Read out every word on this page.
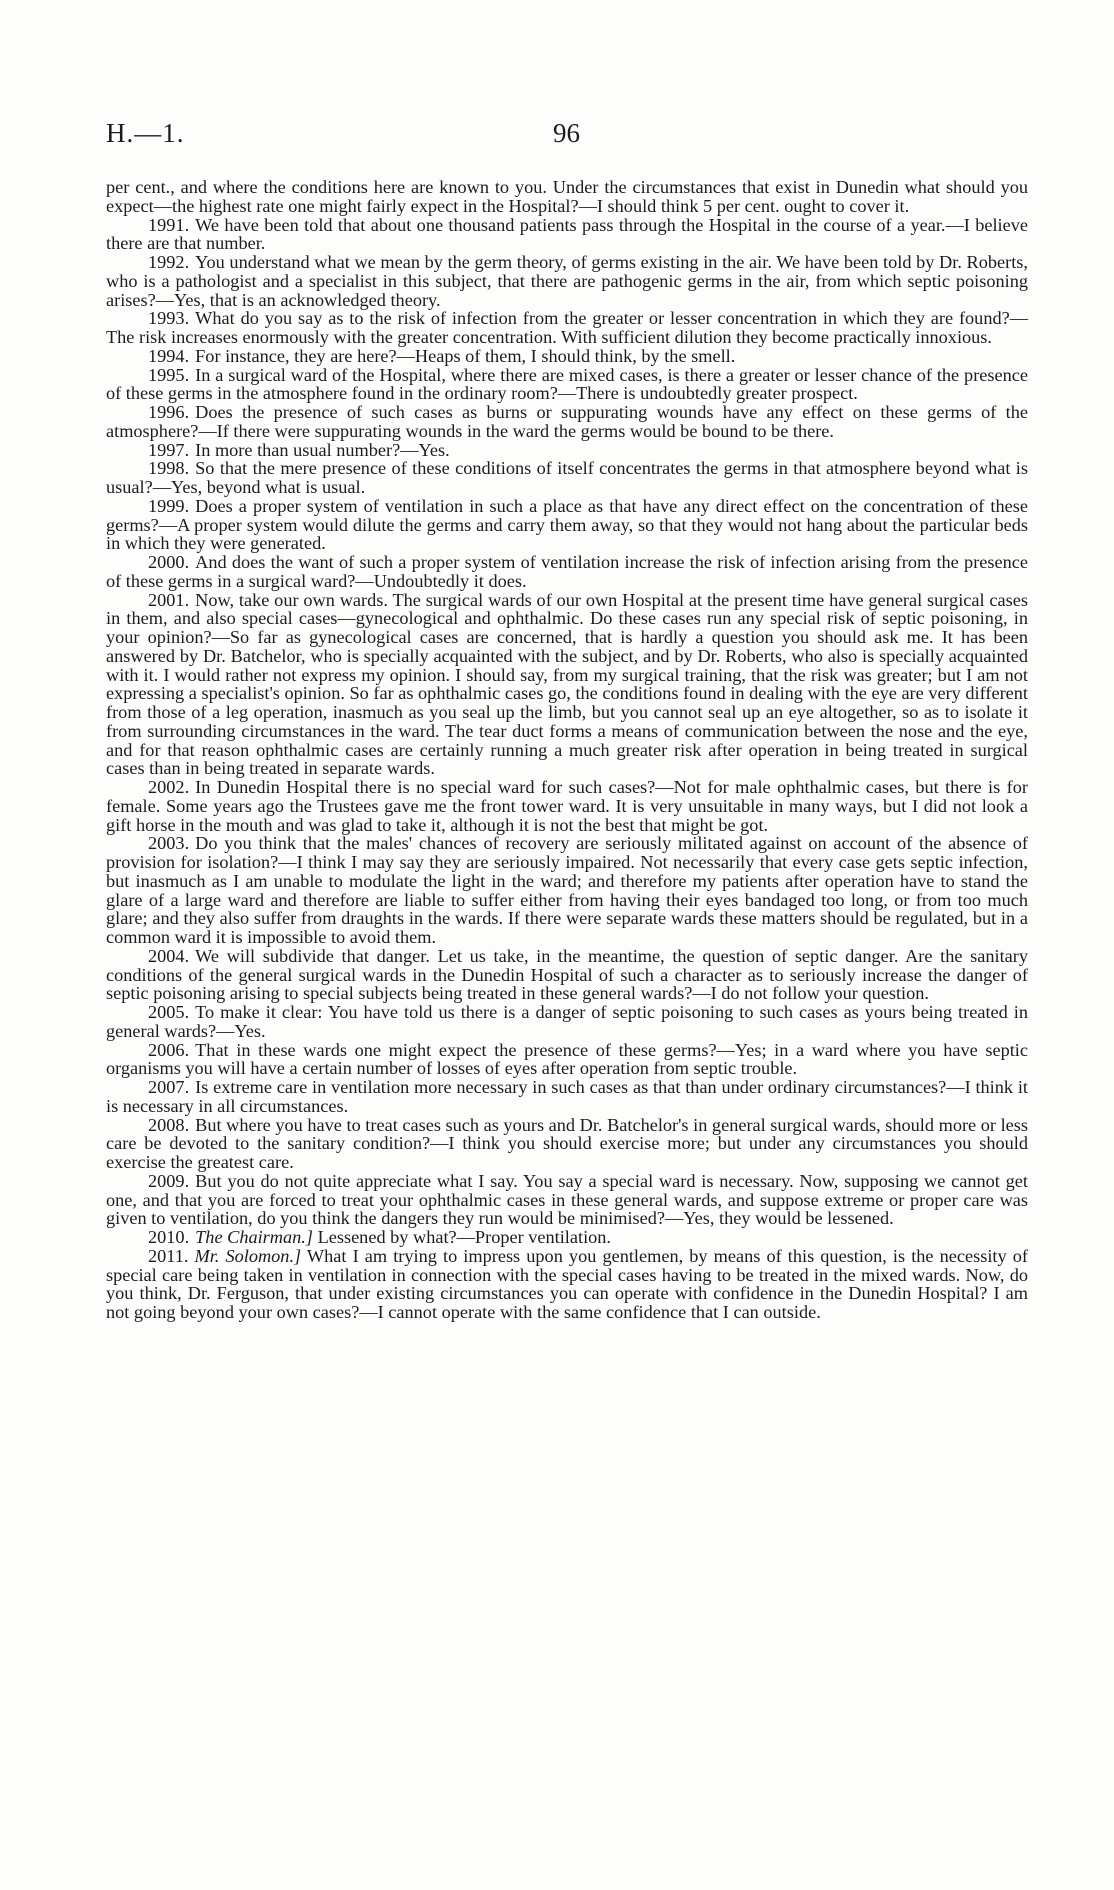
H.—1.	96

per cent., and where the conditions here are known to you. Under the circumstances that exist in Dunedin what should you expect—the highest rate one might fairly expect in the Hospital?—I should think 5 per cent. ought to cover it.

1991. We have been told that about one thousand patients pass through the Hospital in the course of a year.—I believe there are that number.

1992. You understand what we mean by the germ theory, of germs existing in the air. We have been told by Dr. Roberts, who is a pathologist and a specialist in this subject, that there are pathogenic germs in the air, from which septic poisoning arises?—Yes, that is an acknowledged theory.

1993. What do you say as to the risk of infection from the greater or lesser concentration in which they are found?—The risk increases enormously with the greater concentration. With sufficient dilution they become practically innoxious.

1994. For instance, they are here?—Heaps of them, I should think, by the smell.

1995. In a surgical ward of the Hospital, where there are mixed cases, is there a greater or lesser chance of the presence of these germs in the atmosphere found in the ordinary room?—There is undoubtedly greater prospect.

1996. Does the presence of such cases as burns or suppurating wounds have any effect on these germs of the atmosphere?—If there were suppurating wounds in the ward the germs would be bound to be there.

1997. In more than usual number?—Yes.

1998. So that the mere presence of these conditions of itself concentrates the germs in that atmosphere beyond what is usual?—Yes, beyond what is usual.

1999. Does a proper system of ventilation in such a place as that have any direct effect on the concentration of these germs?—A proper system would dilute the germs and carry them away, so that they would not hang about the particular beds in which they were generated.

2000. And does the want of such a proper system of ventilation increase the risk of infection arising from the presence of these germs in a surgical ward?—Undoubtedly it does.

2001. Now, take our own wards. The surgical wards of our own Hospital at the present time have general surgical cases in them, and also special cases—gynecological and ophthalmic. Do these cases run any special risk of septic poisoning, in your opinion?—So far as gynecological cases are concerned, that is hardly a question you should ask me. It has been answered by Dr. Batchelor, who is specially acquainted with the subject, and by Dr. Roberts, who also is specially acquainted with it. I would rather not express my opinion. I should say, from my surgical training, that the risk was greater; but I am not expressing a specialist's opinion. So far as ophthalmic cases go, the conditions found in dealing with the eye are very different from those of a leg operation, inasmuch as you seal up the limb, but you cannot seal up an eye altogether, so as to isolate it from surrounding circumstances in the ward. The tear duct forms a means of communication between the nose and the eye, and for that reason ophthalmic cases are certainly running a much greater risk after operation in being treated in surgical cases than in being treated in separate wards.

2002. In Dunedin Hospital there is no special ward for such cases?—Not for male ophthalmic cases, but there is for female. Some years ago the Trustees gave me the front tower ward. It is very unsuitable in many ways, but I did not look a gift horse in the mouth and was glad to take it, although it is not the best that might be got.

2003. Do you think that the males' chances of recovery are seriously militated against on account of the absence of provision for isolation?—I think I may say they are seriously impaired. Not necessarily that every case gets septic infection, but inasmuch as I am unable to modulate the light in the ward; and therefore my patients after operation have to stand the glare of a large ward and therefore are liable to suffer either from having their eyes bandaged too long, or from too much glare; and they also suffer from draughts in the wards. If there were separate wards these matters should be regulated, but in a common ward it is impossible to avoid them.

2004. We will subdivide that danger. Let us take, in the meantime, the question of septic danger. Are the sanitary conditions of the general surgical wards in the Dunedin Hospital of such a character as to seriously increase the danger of septic poisoning arising to special subjects being treated in these general wards?—I do not follow your question.

2005. To make it clear: You have told us there is a danger of septic poisoning to such cases as yours being treated in general wards?—Yes.

2006. That in these wards one might expect the presence of these germs?—Yes; in a ward where you have septic organisms you will have a certain number of losses of eyes after operation from septic trouble.

2007. Is extreme care in ventilation more necessary in such cases as that than under ordinary circumstances?—I think it is necessary in all circumstances.

2008. But where you have to treat cases such as yours and Dr. Batchelor's in general surgical wards, should more or less care be devoted to the sanitary condition?—I think you should exercise more; but under any circumstances you should exercise the greatest care.

2009. But you do not quite appreciate what I say. You say a special ward is necessary. Now, supposing we cannot get one, and that you are forced to treat your ophthalmic cases in these general wards, and suppose extreme or proper care was given to ventilation, do you think the dangers they run would be minimised?—Yes, they would be lessened.

2010. The Chairman.] Lessened by what?—Proper ventilation.

2011. Mr. Solomon.] What I am trying to impress upon you gentlemen, by means of this question, is the necessity of special care being taken in ventilation in connection with the special cases having to be treated in the mixed wards. Now, do you think, Dr. Ferguson, that under existing circumstances you can operate with confidence in the Dunedin Hospital? I am not going beyond your own cases?—I cannot operate with the same confidence that I can outside.
